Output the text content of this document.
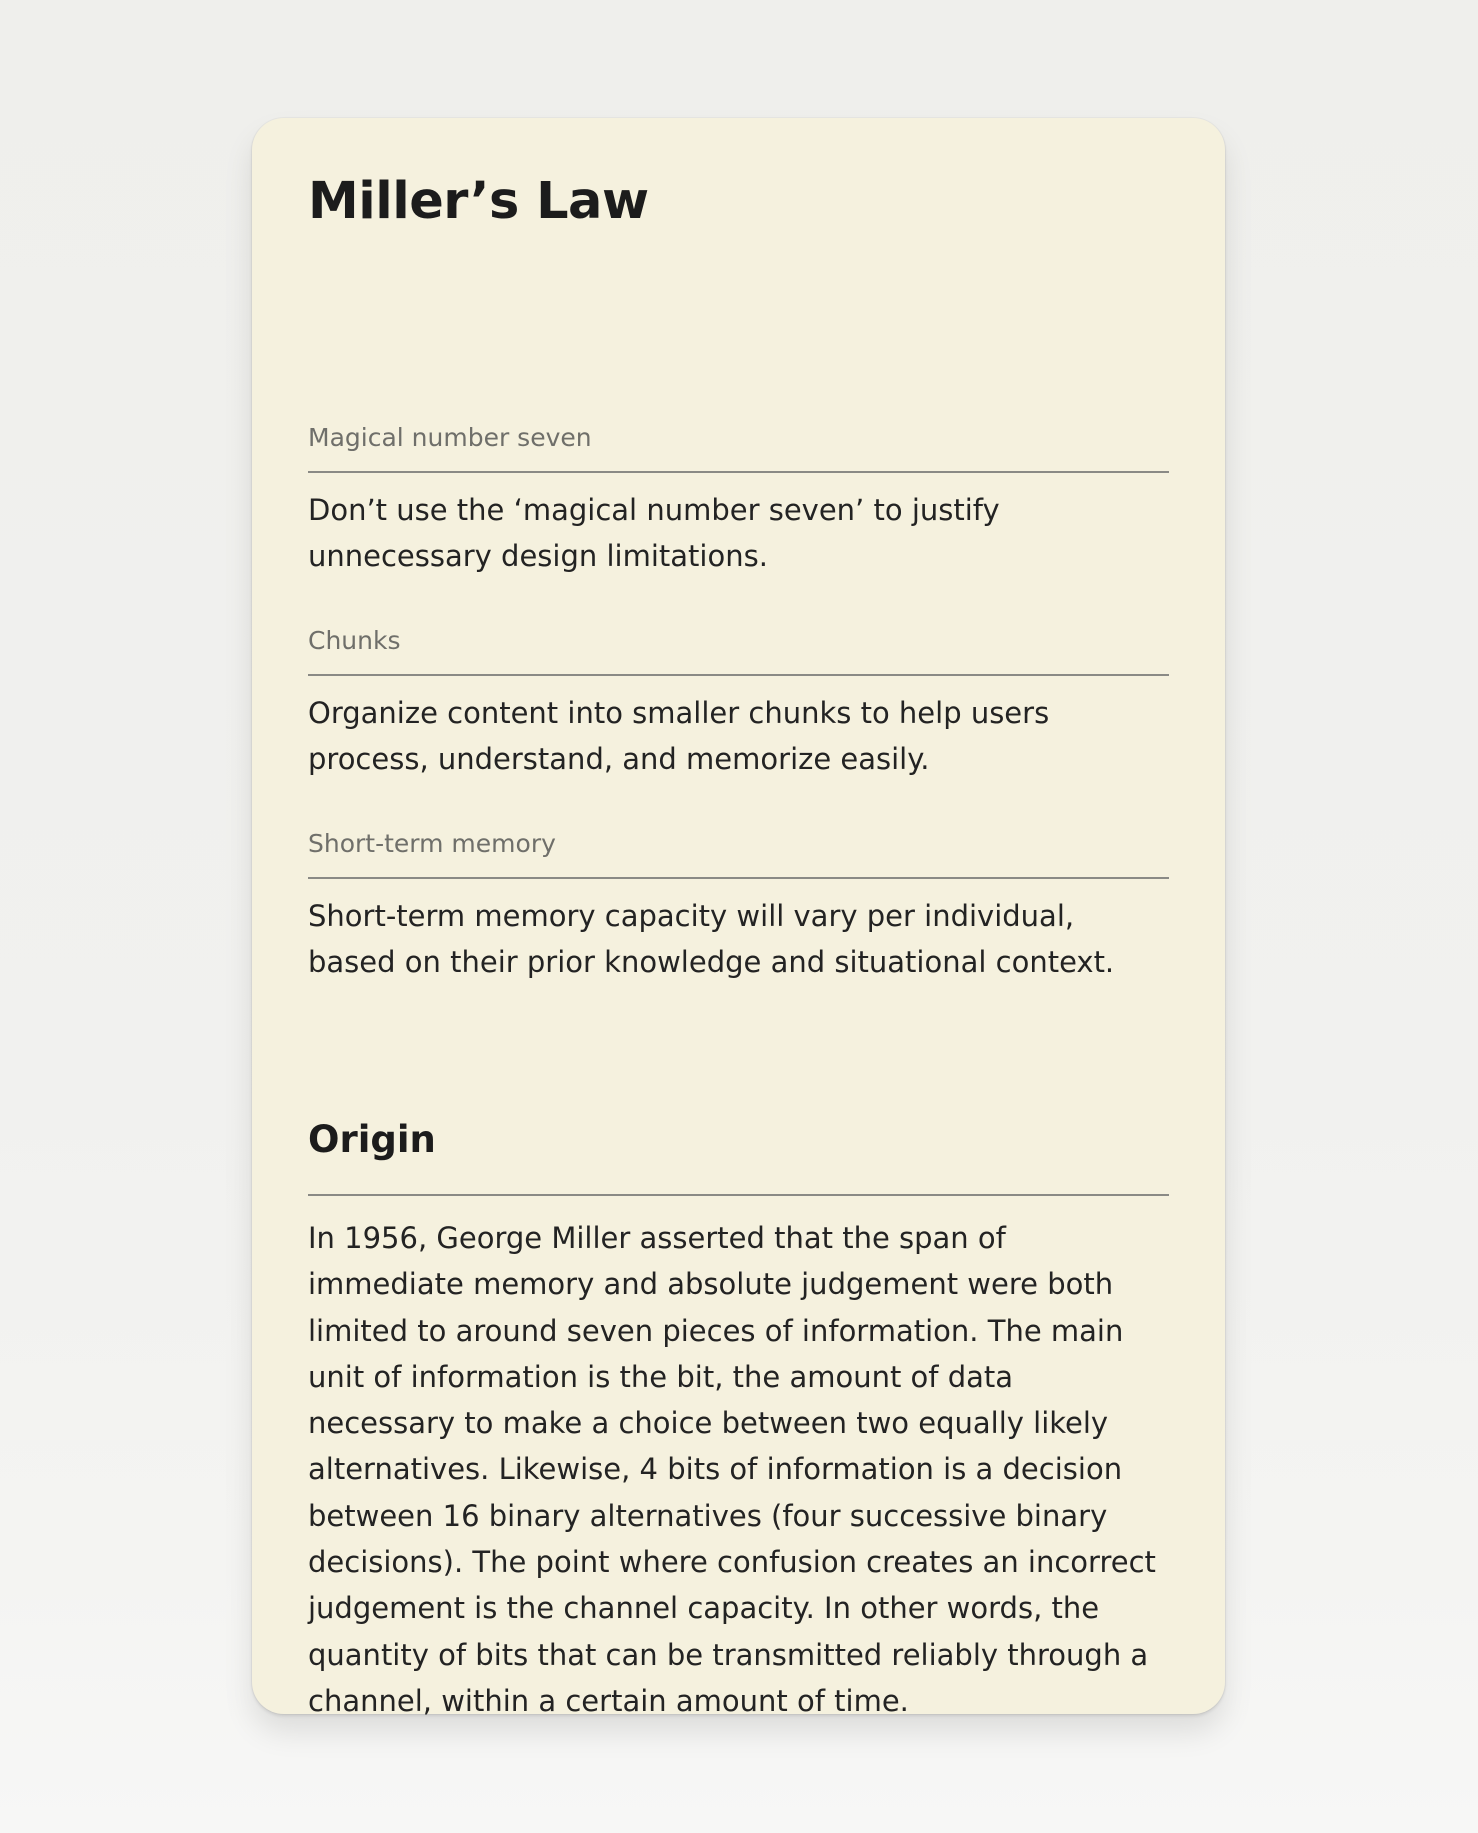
Miller’s Law
Magical number seven
Don’t use the ‘magical number seven’ to justify unnecessary design limitations.
Chunks
Organize content into smaller chunks to help users process, understand, and memorize easily.
Short-term memory
Short-term memory capacity will vary per individual, based on their prior knowledge and situational context.
Origin
In 1956, George Miller asserted that the span of immediate memory and absolute judgement were both limited to around seven pieces of information. The main unit of information is the bit, the amount of data necessary to make a choice between two equally likely alternatives. Likewise, 4 bits of information is a decision between 16 binary alternatives (four successive binary decisions). The point where confusion creates an incorrect judgement is the channel capacity. In other words, the quantity of bits that can be transmitted reliably through a channel, within a certain amount of time.
